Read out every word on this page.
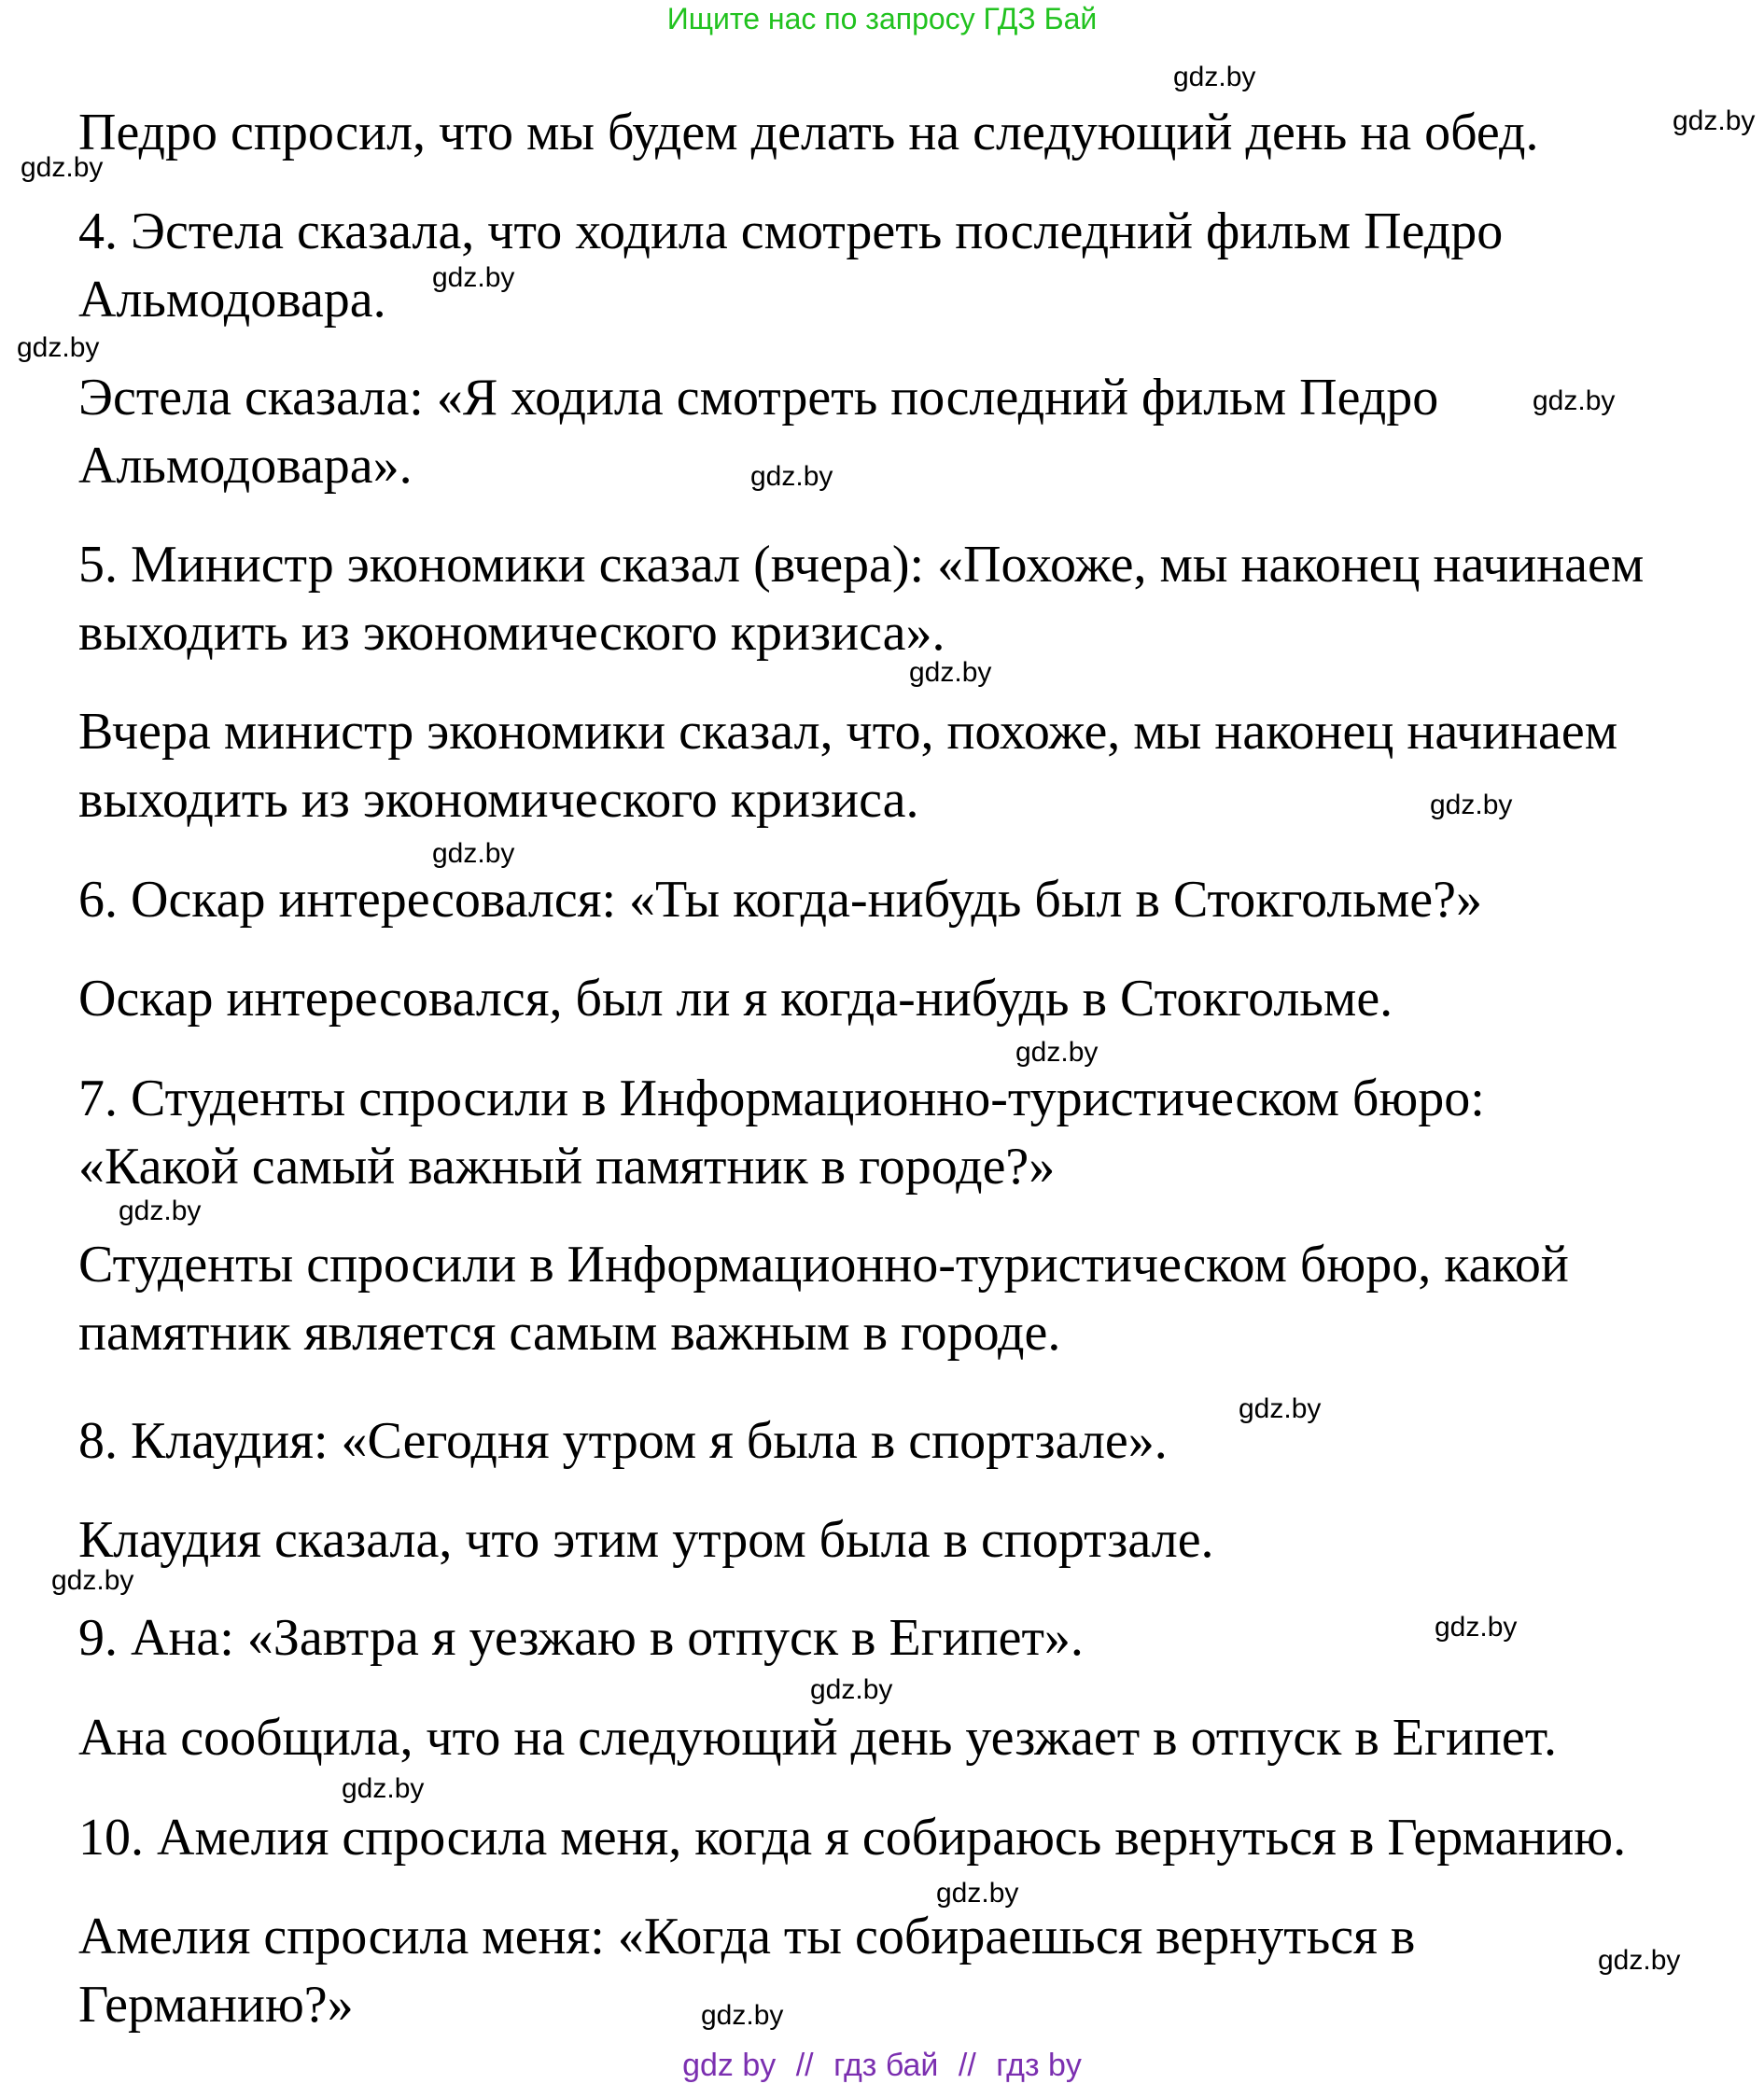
Ищите нас по запросу ГДЗ Бай
Педро спросил, что мы будем делать на следующий день на обед.
4. Эстела сказала, что ходила смотреть последний фильм Педро
Альмодовара.
Эстела сказала: «Я ходила смотреть последний фильм Педро
Альмодовара».
5. Министр экономики сказал (вчера): «Похоже, мы наконец начинаем
выходить из экономического кризиса».
Вчера министр экономики сказал, что, похоже, мы наконец начинаем
выходить из экономического кризиса.
6. Оскар интересовался: «Ты когда-нибудь был в Стокгольме?»
Оскар интересовался, был ли я когда-нибудь в Стокгольме.
7. Студенты спросили в Информационно-туристическом бюро:
«Какой самый важный памятник в городе?»
Студенты спросили в Информационно-туристическом бюро, какой
памятник является самым важным в городе.
8. Клаудия: «Сегодня утром я была в спортзале».
Клаудия сказала, что этим утром была в спортзале.
9. Ана: «Завтра я уезжаю в отпуск в Египет».
Ана сообщила, что на следующий день уезжает в отпуск в Египет.
10. Амелия спросила меня, когда я собираюсь вернуться в Германию.
Амелия спросила меня: «Когда ты собираешься вернуться в
Германию?»
gdz.by
gdz.by
gdz.by
gdz.by
gdz.by
gdz.by
gdz.by
gdz.by
gdz.by
gdz.by
gdz.by
gdz.by
gdz.by
gdz.by
gdz.by
gdz.by
gdz.by
gdz.by
gdz.by
gdz.by
gdz by // гдз бай // гдз by
